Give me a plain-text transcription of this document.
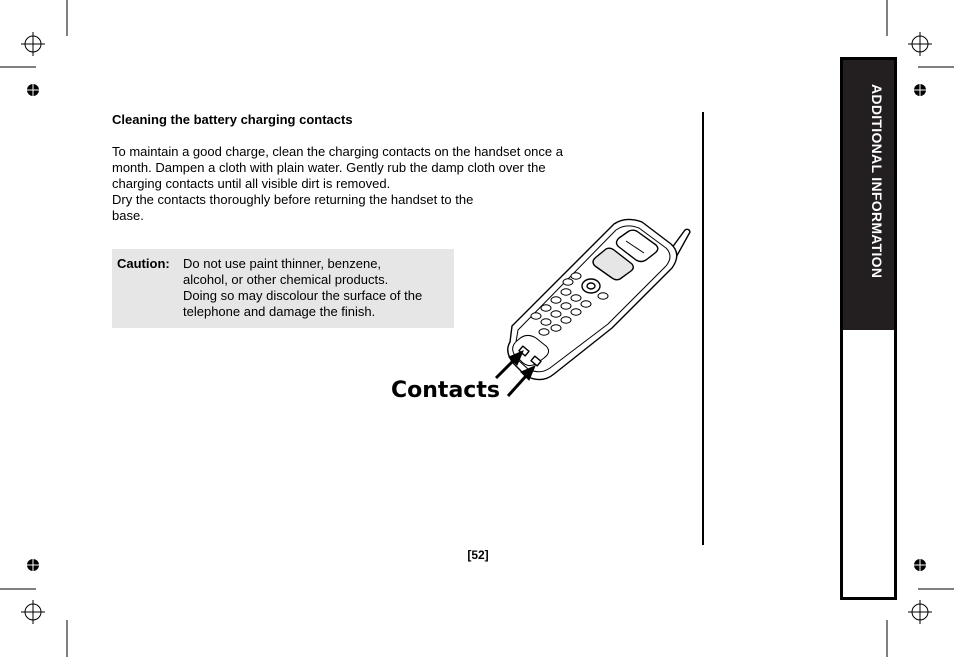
Cleaning the battery charging contacts
To maintain a good charge, clean the charging contacts on the handset once a
month. Dampen a cloth with plain water. Gently rub the damp cloth over the
charging contacts until all visible dirt is removed.
Dry the contacts thoroughly before returning the handset to the
base.
Caution: Do not use paint thinner, benzene,
alcohol, or other chemical products.
Doing so may discolour the surface of the
telephone and damage the finish.
Contacts
[52]
ADDITIONAL INFORMATION
